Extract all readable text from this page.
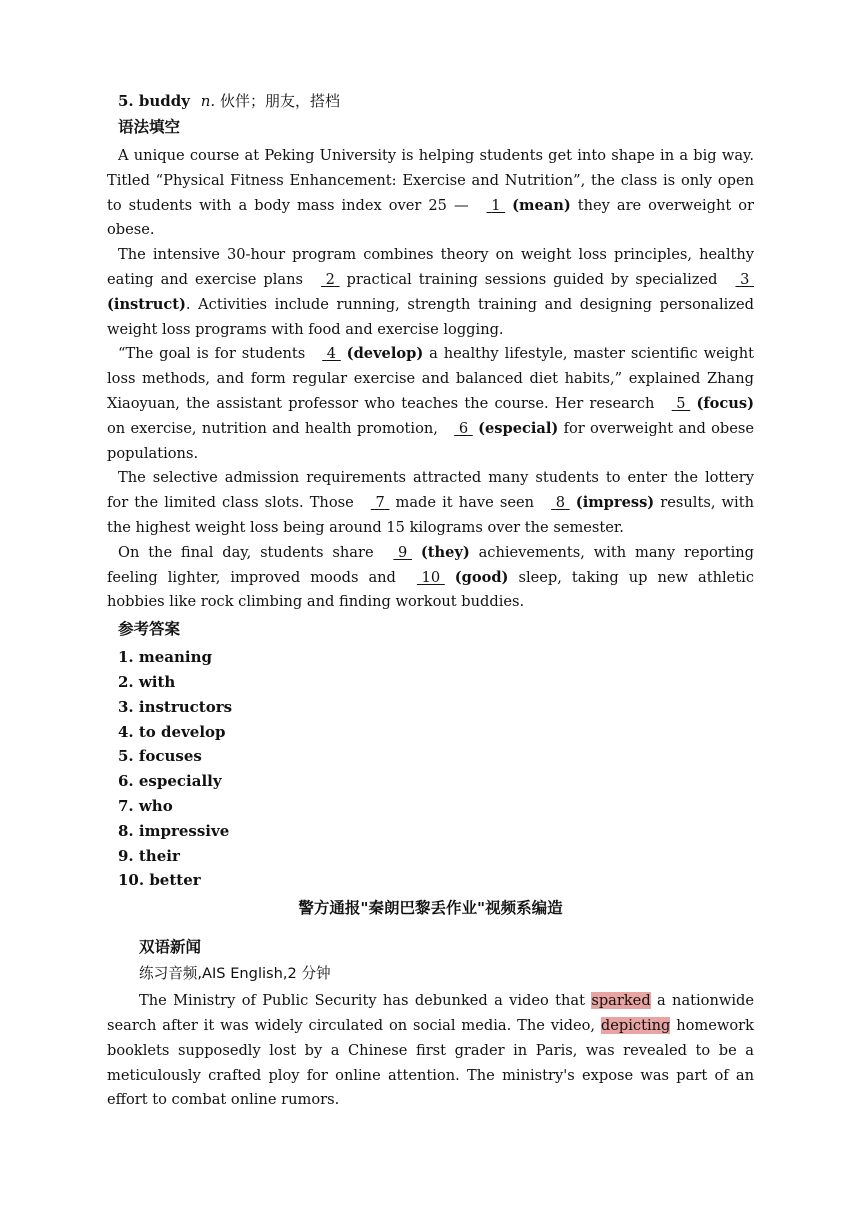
5. buddy n. 伙伴；朋友，搭档

语法填空

A unique course at Peking University is helping students get into shape in a big way. Titled “Physical Fitness Enhancement: Exercise and Nutrition”, the class is only open to students with a body mass index over 25 —  1 (mean) they are overweight or obese.

The intensive 30-hour program combines theory on weight loss principles, healthy eating and exercise plans  2  practical training sessions guided by specialized  3  (instruct). Activities include running, strength training and designing personalized weight loss programs with food and exercise logging.

“The goal is for students  4 (develop) a healthy lifestyle, master scientific weight loss methods, and form regular exercise and balanced diet habits,” explained Zhang Xiaoyuan, the assistant professor who teaches the course. Her research  5 (focus) on exercise, nutrition and health promotion,  6 (especial) for overweight and obese populations.

The selective admission requirements attracted many students to enter the lottery for the limited class slots. Those  7  made it have seen  8 (impress) results, with the highest weight loss being around 15 kilograms over the semester.

On the final day, students share  9 (they) achievements, with many reporting feeling lighter, improved moods and  10 (good) sleep, taking up new athletic hobbies like rock climbing and finding workout buddies.

参考答案

1. meaning
2. with
3. instructors
4. to develop
5. focuses
6. especially
7. who
8. impressive
9. their
10. better

警方通报"秦朗巴黎丢作业"视频系编造

双语新闻

练习音频,AIS English,2 分钟

The Ministry of Public Security has debunked a video that sparked a nationwide search after it was widely circulated on social media. The video, depicting homework booklets supposedly lost by a Chinese first grader in Paris, was revealed to be a meticulously crafted ploy for online attention. The ministry's expose was part of an effort to combat online rumors.
